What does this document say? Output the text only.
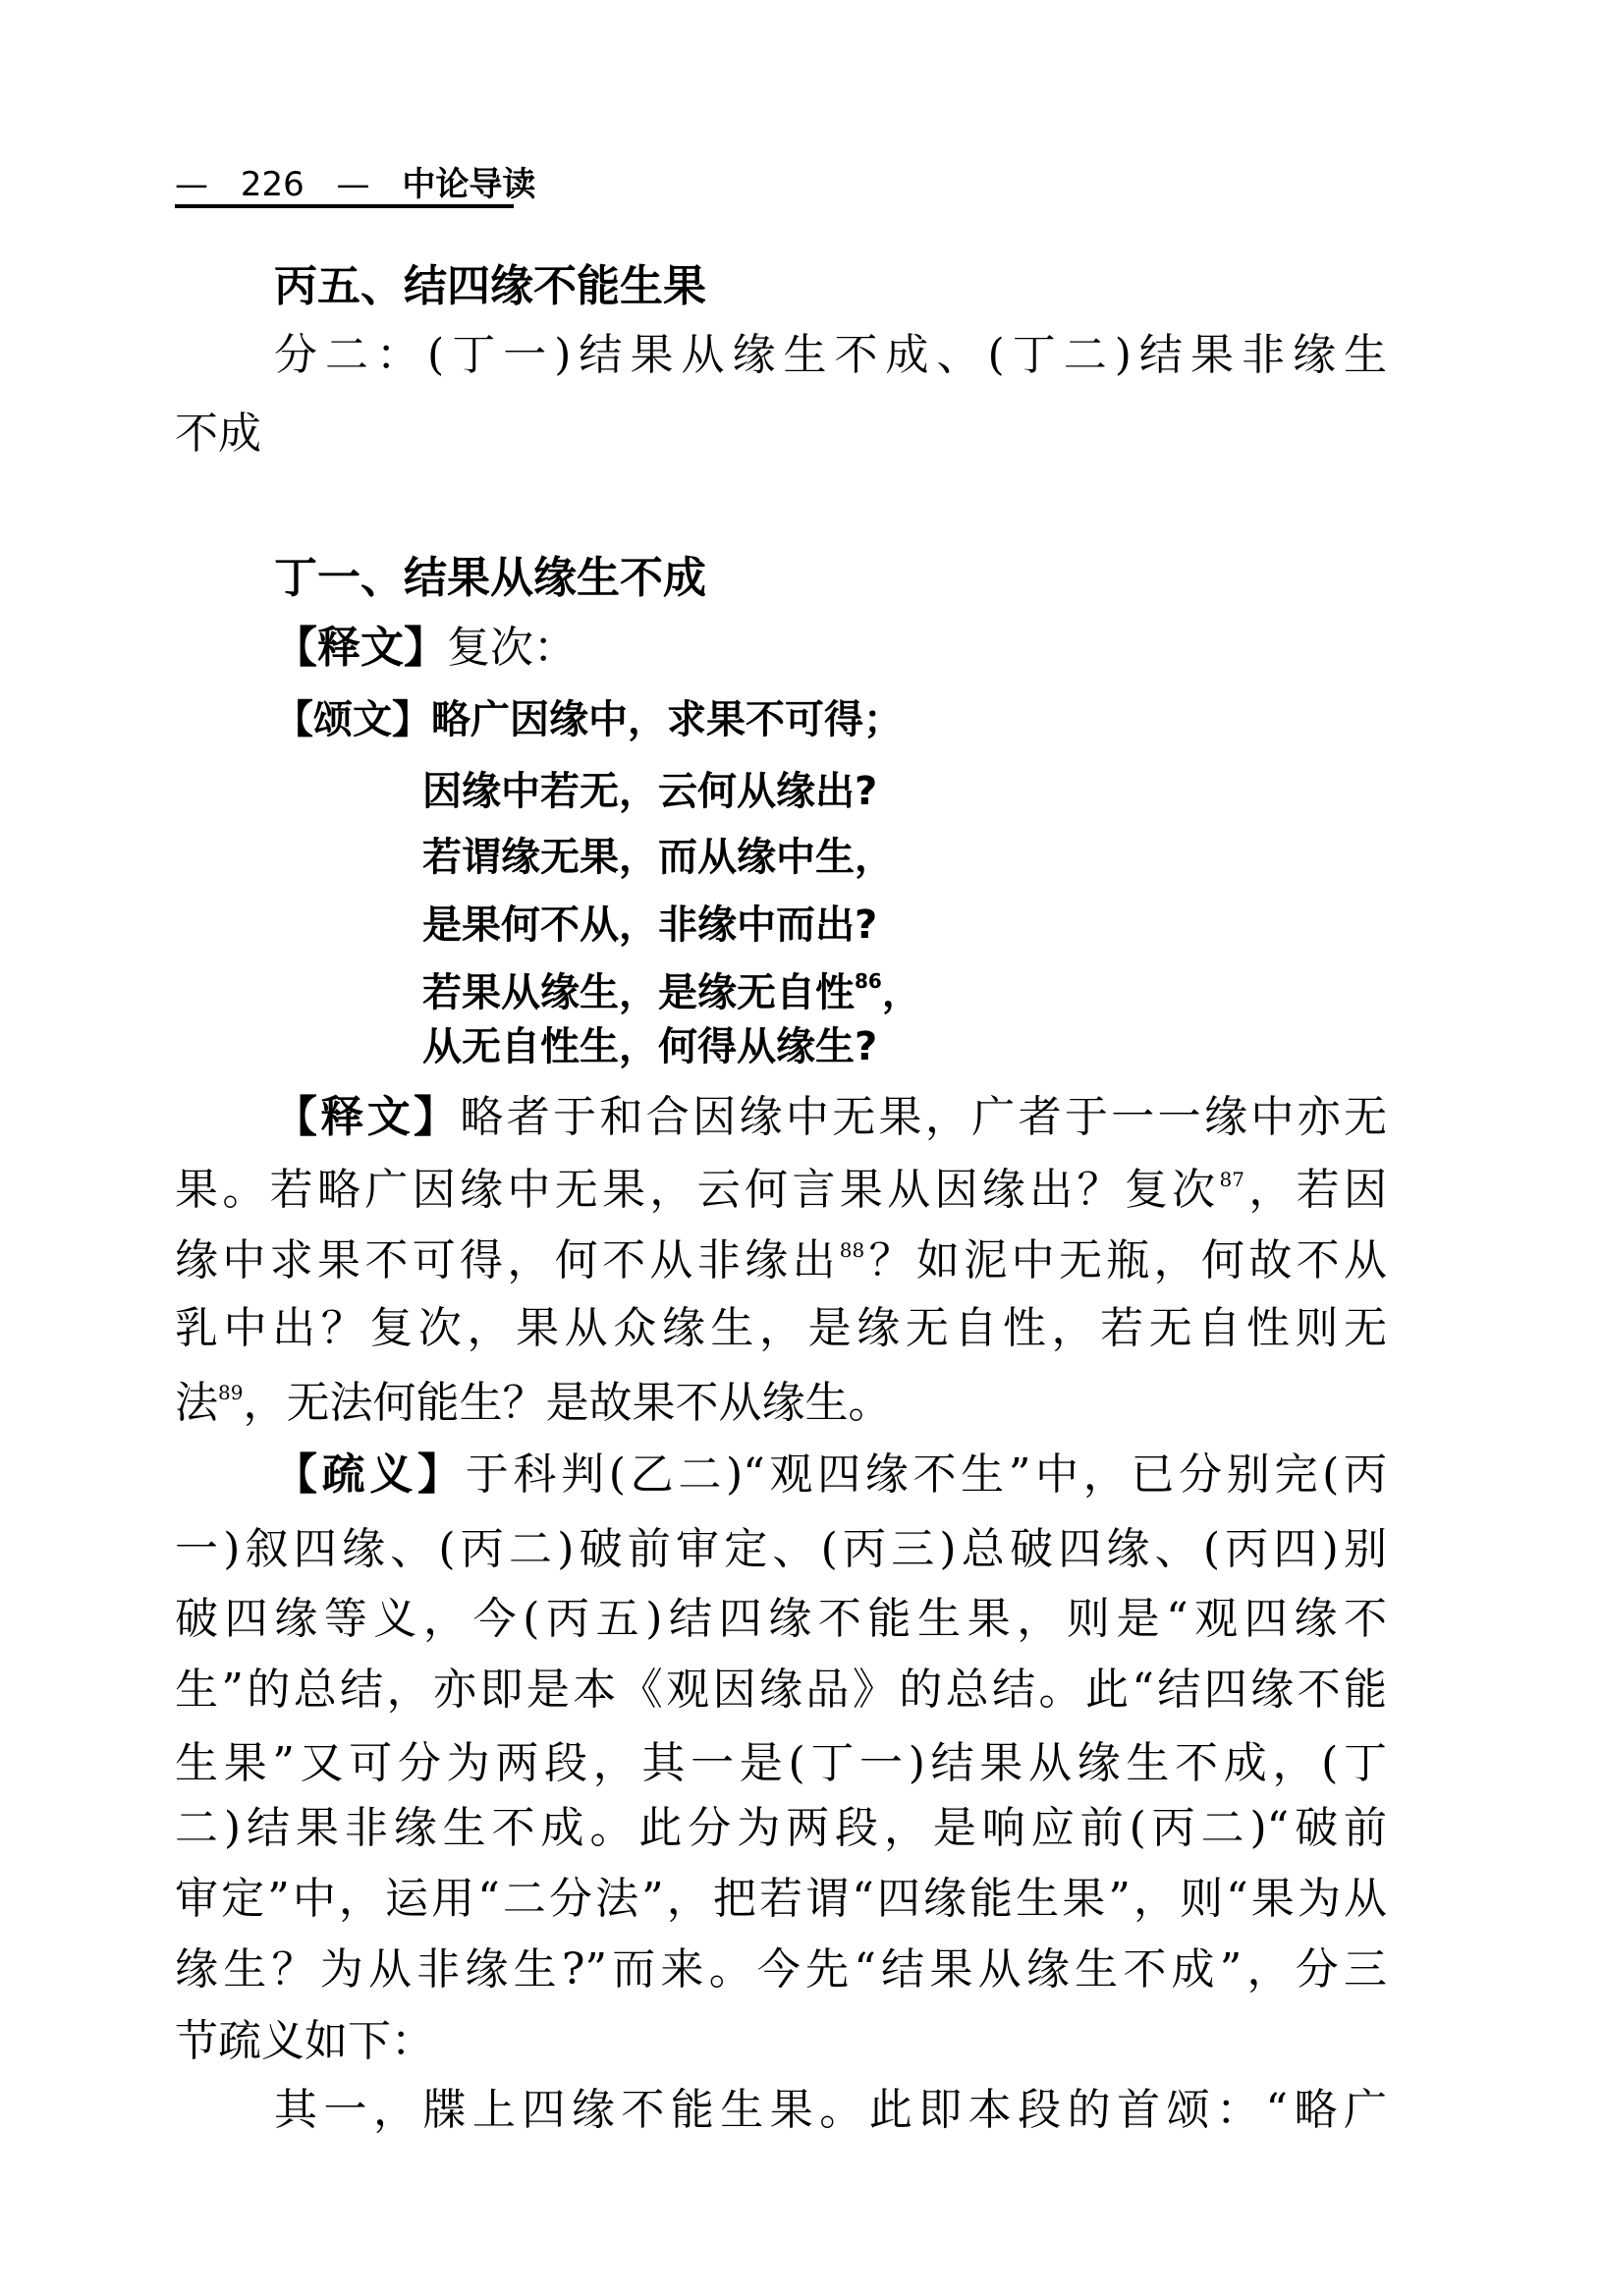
— 226 — 中论导读
丙五、结四缘不能生果
分二：(丁一)结果从缘生不成、(丁二)结果非缘生
不成
丁一、结果从缘生不成
【释文】复次：
【颂文】略广因缘中，求果不可得；
因缘中若无，云何从缘出?
若谓缘无果，而从缘中生，
是果何不从，非缘中而出?
若果从缘生，是缘无自性$^{86}$，
从无自性生，何得从缘生?
【释文】略者于和合因缘中无果，广者于一一缘中亦无
果。若略广因缘中无果，云何言果从因缘出？复次$^{87}$，若因
缘中求果不可得，何不从非缘出$^{88}$？如泥中无瓶，何故不从
乳中出？复次，果从众缘生，是缘无自性，若无自性则无
法$^{89}$，无法何能生？是故果不从缘生。
【疏义】于科判(乙二)“观四缘不生”中，已分别完(丙
一)叙四缘、(丙二)破前审定、(丙三)总破四缘、(丙四)别
破四缘等义，今(丙五)结四缘不能生果，则是“观四缘不
生”的总结，亦即是本《观因缘品》的总结。此“结四缘不能
生果”又可分为两段，其一是(丁一)结果从缘生不成，(丁
二)结果非缘生不成。此分为两段，是响应前(丙二)“破前
审定”中，运用“二分法”，把若谓“四缘能生果”，则“果为从
缘生？为从非缘生?”而来。今先“结果从缘生不成”，分三
节疏义如下：
其一，牒上四缘不能生果。此即本段的首颂：“略广
